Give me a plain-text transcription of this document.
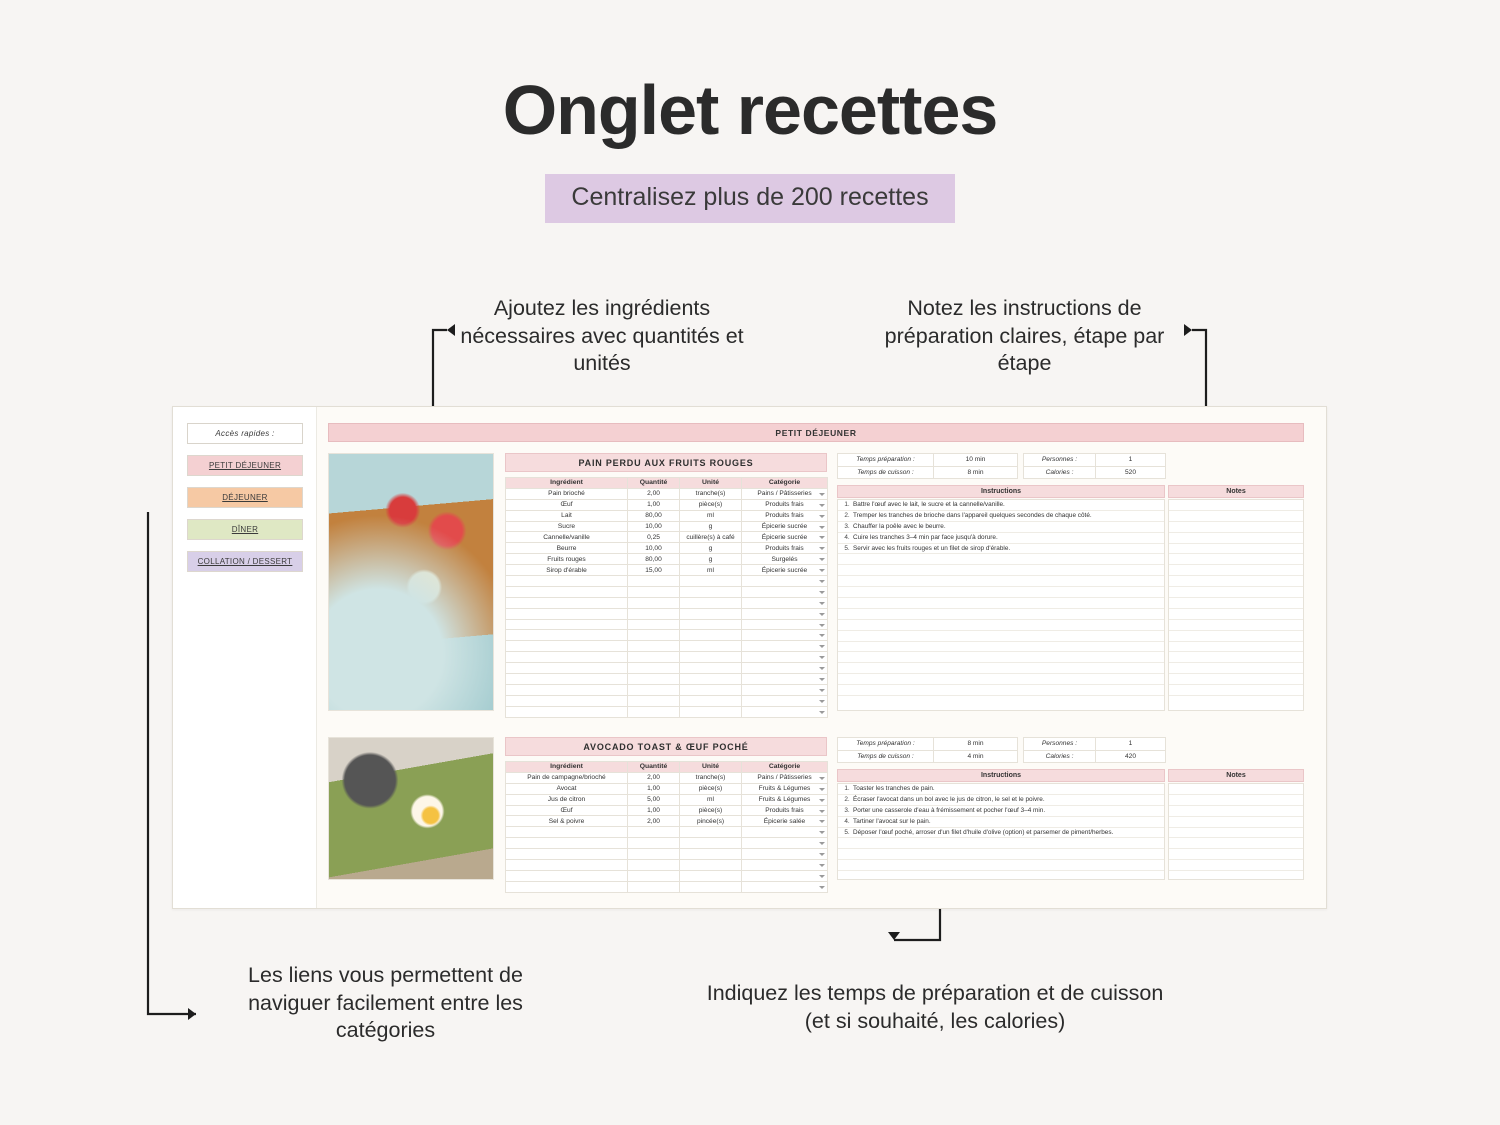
Onglet recettes
Centralisez plus de 200 recettes
Ajoutez les ingrédients nécessaires avec quantités et unités
Notez les instructions de préparation claires, étape par étape
Les liens vous permettent de naviguer facilement entre les catégories
Indiquez les temps de préparation et de cuisson (et si souhaité, les calories)
Accès rapides :
PETIT DÉJEUNER
DÉJEUNER
DÎNER
COLLATION / DESSERT
PETIT DÉJEUNER
PAIN PERDU AUX FRUITS ROUGES
Ingrédient	Quantité	Unité	Catégorie
Pain brioché	2,00	tranche(s)	Pains / Pâtisseries
Œuf	1,00	pièce(s)	Produits frais
Lait	80,00	ml	Produits frais
Sucre	10,00	g	Épicerie sucrée
Cannelle/vanille	0,25	cuillère(s) à café	Épicerie sucrée
Beurre	10,00	g	Produits frais
Fruits rouges	80,00	g	Surgelés
Sirop d'érable	15,00	ml	Épicerie sucrée

Temps préparation :	10 min
Temps de cuisson :	8 min
Personnes :	1
Calories :	520
Instructions	Notes
1. Battre l'œuf avec le lait, le sucre et la cannelle/vanille.
2. Tremper les tranches de brioche dans l'appareil quelques secondes de chaque côté.
3. Chauffer la poêle avec le beurre.
4. Cuire les tranches 3–4 min par face jusqu'à dorure.
5. Servir avec les fruits rouges et un filet de sirop d'érable.
AVOCADO TOAST & ŒUF POCHÉ
Ingrédient	Quantité	Unité	Catégorie
Pain de campagne/brioché	2,00	tranche(s)	Pains / Pâtisseries
Avocat	1,00	pièce(s)	Fruits & Légumes
Jus de citron	5,00	ml	Fruits & Légumes
Œuf	1,00	pièce(s)	Produits frais
Sel & poivre	2,00	pincée(s)	Épicerie salée

Temps préparation :	8 min
Temps de cuisson :	4 min
Personnes :	1
Calories :	420
Instructions	Notes
1. Toaster les tranches de pain.
2. Écraser l'avocat dans un bol avec le jus de citron, le sel et le poivre.
3. Porter une casserole d'eau à frémissement et pocher l'œuf 3–4 min.
4. Tartiner l'avocat sur le pain.
5. Déposer l'œuf poché, arroser d'un filet d'huile d'olive (option) et parsemer de piment/herbes.
